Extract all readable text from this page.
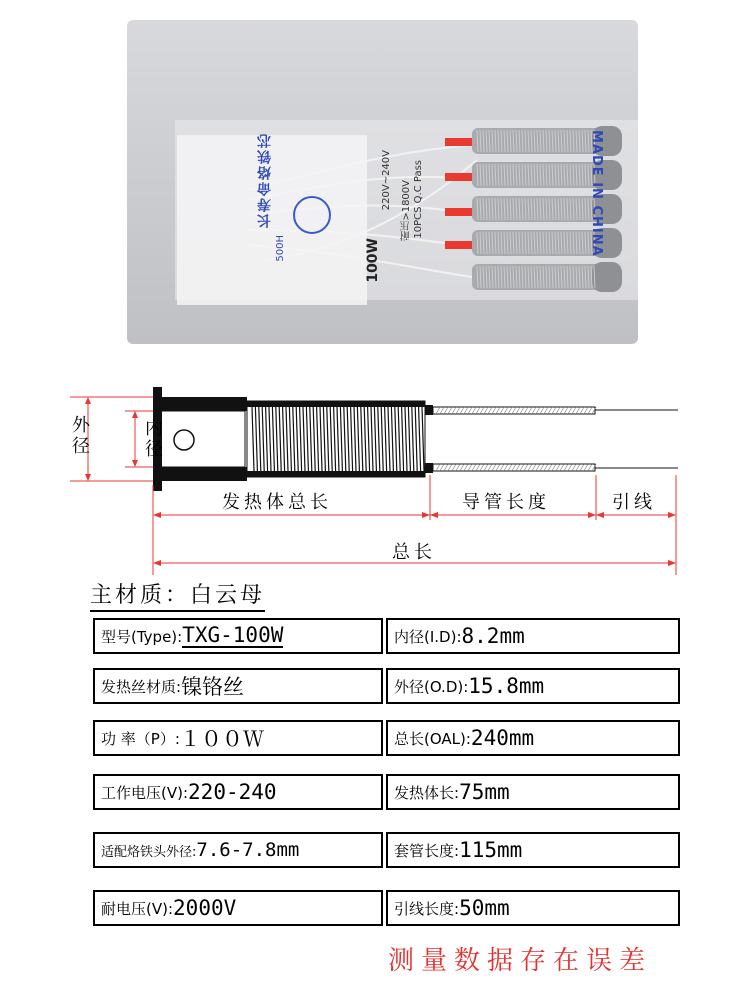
长寿命烙铁芯
500H	100W
220V~240V 耐压>1800V 10PCS Q.C Pass	MADE IN CHINA
外径	内径
发热体总长	导管长度	引线
总长
主材质：白云母
型号(Type): TXG-100W	内径(I.D): 8.2mm
发热丝材质: 镍铬丝	外径(O.D): 15.8mm
功 率（P）: １００Ｗ	总长(OAL): 240mm
工作电压(V): 220-240	发热体长: 75mm
适配烙铁头外径: 7.6-7.8mm	套管长度: 115mm
耐电压(V): 2000V	引线长度: 50mm
测量数据存在误差
